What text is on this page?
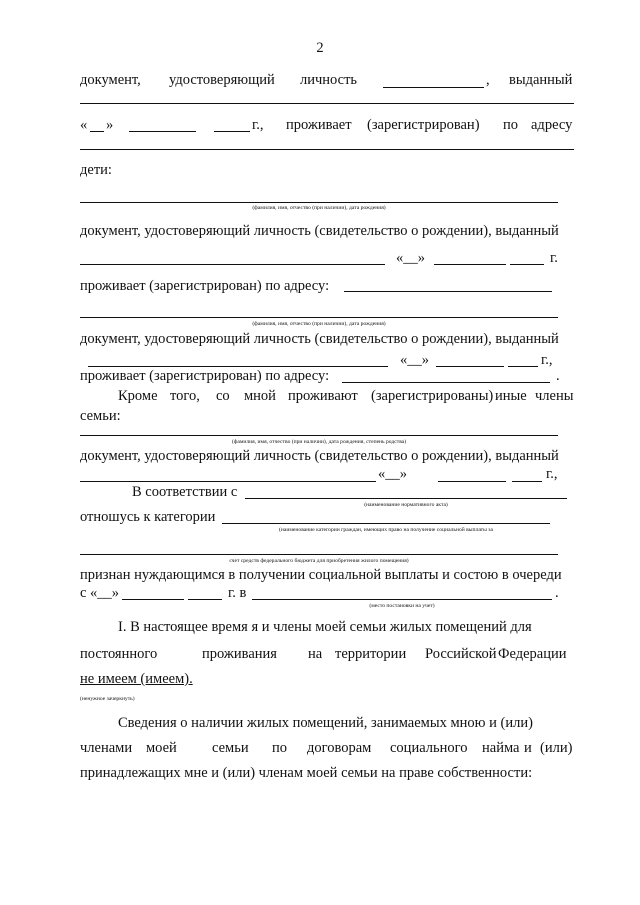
2
документ, удостоверяющий личность	, выданный
« »	г., проживает (зарегистрирован) по адресу
дети:
(фамилия, имя, отчество (при наличии), дата рождения)
документ, удостоверяющий личность (свидетельство о рождении), выданный
«__»	г.
проживает (зарегистрирован) по адресу:
(фамилия, имя, отчество (при наличии), дата рождения)
документ, удостоверяющий личность (свидетельство о рождении), выданный
«__»	г.,
проживает (зарегистрирован) по адресу:	.
Кроме того, со мной проживают (зарегистрированы) иные члены
семьи:
(фамилия, имя, отчество (при наличии), дата рождения, степень родства)
документ, удостоверяющий личность (свидетельство о рождении), выданный
«__»	г.,
В соответствии с
(наименование нормативного акта)
отношусь к категории
(наименование категории граждан, имеющих право на получение социальной выплаты за
счет средств федерального бюджета для приобретения жилого помещения)
признан нуждающимся в получении социальной выплаты и состою в очереди
с «__»	г. в	.
(место постановки на учет)
I. В настоящее время я и члены моей семьи жилых помещений для
постоянного	проживания на территории Российской Федерации
не имеем (имеем).
(ненужное зачеркнуть)
Сведения о наличии жилых помещений, занимаемых мною и (или)
членами моей семьи по договорам социального найма и (или)
принадлежащих мне и (или) членам моей семьи на праве собственности:
